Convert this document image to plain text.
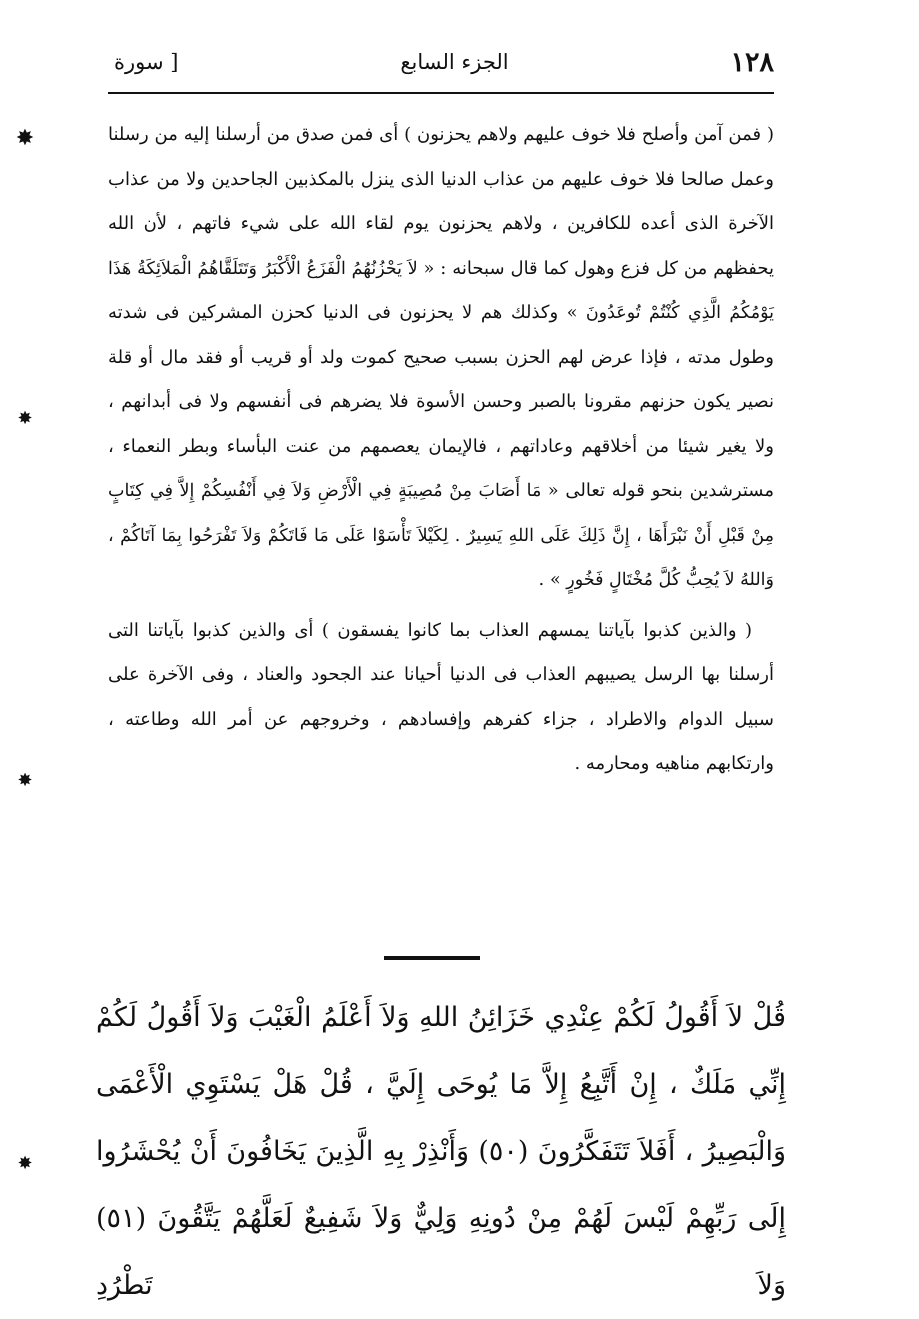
١٢٨
الجزء السابع
[ سورة

( فمن آمن وأصلح فلا خوف عليهم ولاهم يحزنون ) أى فمن صدق من أرسلنا إليه من رسلنا وعمل صالحا فلا خوف عليهم من عذاب الدنيا الذى ينزل بالمكذبين الجاحدين ولا من عذاب الآخرة الذى أعده للكافرين ، ولاهم يحزنون يوم لقاء الله على شيء فاتهم ، لأن الله يحفظهم من كل فزع وهول كما قال سبحانه : « لاَ يَحْزُنُهُمُ الْفَزَعُ الْأَكْبَرُ وَتَتَلَقَّاهُمُ الْمَلاَئِكَةُ هَذَا يَوْمُكُمُ الَّذِي كُنْتُمْ تُوعَدُونَ » وكذلك هم لا يحزنون فى الدنيا كحزن المشركين فى شدته وطول مدته ، فإذا عرض لهم الحزن بسبب صحيح كموت ولد أو قريب أو فقد مال أو قلة نصير يكون حزنهم مقرونا بالصبر وحسن الأسوة فلا يضرهم فى أنفسهم ولا فى أبدانهم ، ولا يغير شيئا من أخلاقهم وعاداتهم ، فالإيمان يعصمهم من عنت البأساء وبطر النعماء ، مسترشدين بنحو قوله تعالى « مَا أَصَابَ مِنْ مُصِيبَةٍ فِي الْأَرْضِ وَلاَ فِي أَنْفُسِكُمْ إِلاَّ فِي كِتَابٍ مِنْ قَبْلِ أَنْ نَبْرَأَهَا ، إِنَّ ذَلِكَ عَلَى اللهِ يَسِيرٌ . لِكَيْلاَ تَأْسَوْا عَلَى مَا فَاتَكُمْ وَلاَ تَفْرَحُوا بِمَا آتَاكُمْ ، وَاللهُ لاَ يُحِبُّ كُلَّ مُخْتَالٍ فَخُورٍ » .

( والذين كذبوا بآياتنا يمسهم العذاب بما كانوا يفسقون ) أى والذين كذبوا بآياتنا التى أرسلنا بها الرسل يصيبهم العذاب فى الدنيا أحيانا عند الجحود والعناد ، وفى الآخرة على سبيل الدوام والاطراد ، جزاء كفرهم وإفسادهم ، وخروجهم عن أمر الله وطاعته ، وارتكابهم مناهيه ومحارمه .

قُلْ لاَ أَقُولُ لَكُمْ عِنْدِي خَزَائِنُ اللهِ وَلاَ أَعْلَمُ الْغَيْبَ وَلاَ أَقُولُ لَكُمْ إِنِّي مَلَكٌ ، إِنْ أَتَّبِعُ إِلاَّ مَا يُوحَى إِلَيَّ ، قُلْ هَلْ يَسْتَوِي الْأَعْمَى وَالْبَصِيرُ ، أَفَلاَ تَتَفَكَّرُونَ (٥٠) وَأَنْذِرْ بِهِ الَّذِينَ يَخَافُونَ أَنْ يُحْشَرُوا إِلَى رَبِّهِمْ لَيْسَ لَهُمْ مِنْ دُونِهِ وَلِيٌّ وَلاَ شَفِيعٌ لَعَلَّهُمْ يَتَّقُونَ (٥١) وَلاَ تَطْرُدِ

✸
✸
✸
✸
